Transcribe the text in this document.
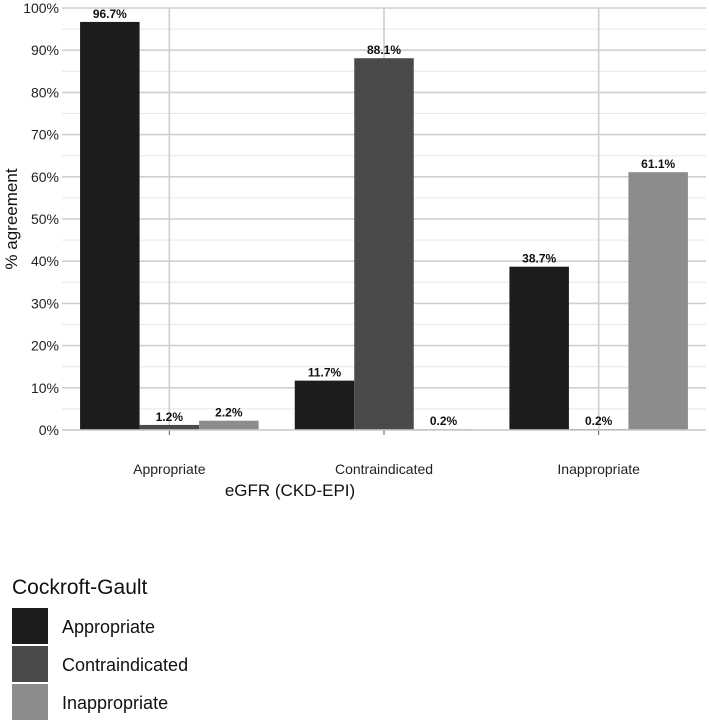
96.7%
1.2%	2.2%
11.7%
88.1%
0.2%
38.7%
0.2%
61.1%
0%
10%
20%
30%
40%
50%
60%
70%
80%
90%
100%
Appropriate	Contraindicated	Inappropriate
eGFR (CKD-EPI)
% agreement
Cockroft-Gault
Appropriate
Contraindicated
Inappropriate
